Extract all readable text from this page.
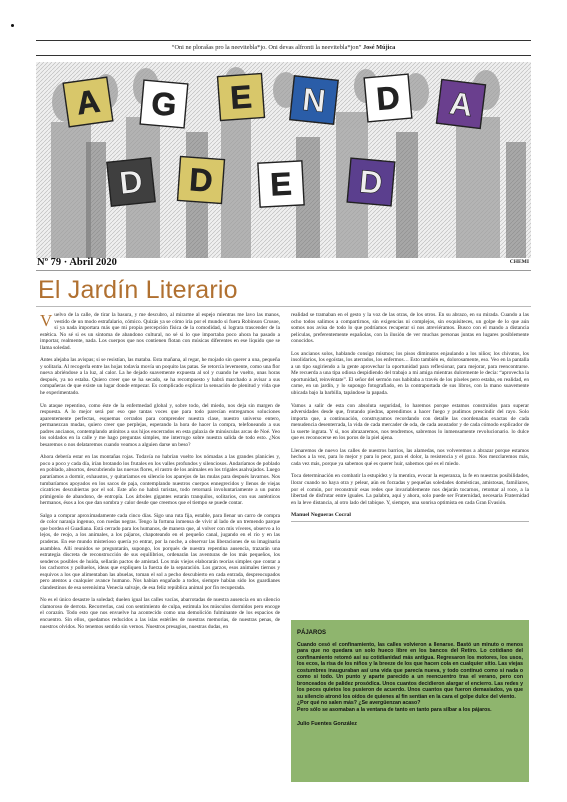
“Oni ne plorašas pro la neevitebla*jo. Oni devas alfronti la neevitebla*jon” José Mújica
A G E N D A
D D E D
Nº 79 · Abril 2020	CHEMI
El Jardín Literario

Vuelvo de la calle, de tirar la basura, y me descubro, al mirarme al espejo mientras me lavo las manos, vestido de un modo estrafalario, cómico. Quizás ya se cómo iría por el mundo si fuera Robinson Crusoe, si ya nada importara más que mi propia percepción física de la comodidad, si lograra trascender de la estética. No sé si es un síntoma de abandono cultural, no sé si lo que importaba poco ahora ha pasado a importar, realmente, nada. Los cuerpos que nos contienen flotan con músicas diferentes en ese líquido que se llama soledad.

Antes alejaba las avispas; si se resistían, las mataba. Esta mañana, al regar, he mojado sin querer a una, pequeña y solitaria. Al recogerla entre las hojas todavía movía un poquito las patas. Se retorcía levemente, como una flor nueva abriéndose a la luz, al calor. La he dejado suavemente expuesta al sol y cuando he vuelto, unas horas después, ya no estaba. Quiero creer que se ha secado, se ha recompuesto y habrá marchado a avisar a sus compañeras de que existe un lugar donde empezar. Es complicado explicar la sensación de plenitud y vida que he experimentado.

Un ataque repentino, como éste de la enfermedad global y, sobre todo, del miedo, nos deja sin margen de respuesta. A lo mejor será por eso que tantas voces que para todo parecían entregarnos soluciones aparentemente perfectas, esquemas cerrados para comprender nuestra clase, nuestro universo entero, permanezcan mudas, quiero creer que perplejas, esperando la hora de hacer la compra, telefoneando a sus padres ancianos, contemplando atónitos a sus hijos encerrados en esta galaxia de minúsculas arcas de Noé. Yeo los soldados en la calle y me hago preguntas simples, me interrogo sobre nuestra salida de todo esto. ¿Nos besaremos o nos delataremos cuando veamos a alguien darse un beso?

Ahora debería estar en las montañas rojas. Todavía no habrían vuelto los nómadas a las grandes planicies y, poco a poco y cada día, irían brotando los frutales en los valles profundos y silenciosos. Andaríamos de poblado en poblado, absortos, descubriendo las nuevas flores, el rastro de los animales en los trigales asalvajados. Luego pararíamos a dormir, exhaustos, y quitaríamos en silencio los aparejos de las mulas para después lavarnos. Nos tumbaríamos apoyados en los sacos de paja, contemplando nuestros cuerpos ennegrecidos y llenos de viejas cicatrices descubiertas por el sol. Este año no habrá turistas, todo retornará involuntariamente a un punto primigenio de abandono, de entropía. Los árboles gigantes estarán tranquilos, solitarios, con sus auténticos hermanos, ésos a los que dan sombra y calor desde que creemos que el tiempo se puede contar.

Salgo a comprar aproximadamente cada cinco días. Sigo una ruta fija, estable, para llenar un carro de compra de color naranja ingenuo, con ruedas negras. Tengo la fortuna inmensa de vivir al lado de un tremendo parque que bordea el Guadiana. Está cerrado para los humanos, de manera que, al volver con mis víveres, observo a lo lejos, de reojo, a los animales, a los pájaros, chapoteando en el pequeño canal, jugando en el río y en las praderas. En ese mundo misterioso quería yo entrar, por la noche, a observar las liberaciones de su imaginaria asamblea. Allí reunidos se preguntarán, supongo, los porqués de nuestra repentina ausencia, trazarán una estrategia discreta de reconstrucción de sus equilibrios, ordenarán las aventuras de los más pequeños, los senderos posibles de huida, sellarán pactos de amistad. Los más viejos elaborarán teorías simples que contar a los cachorros y polluelos, ideas que expliquen la fuerza de la separación. Los garzos, esos animales tiernos y esquivos a los que alimentaban las abuelas, toman el sol a pecho descubierto en cada entrada, despreocupados pero atentos a cualquier avance humano. Nos habían engañado a todos, siempre habían sido los guardianes clandestinos de esa serenísima Venecia salvaje, de esa feliz república animal por fin recuperada.

No es el único desastre la soledad; duelen igual las calles vacías, abarrotadas de nuestra ausencia en un silencio clamoroso de derrota. Recorrerlas, casi con sentimiento de culpa, estimula los músculos dormidos pero encoge el corazón. Todo esto que nos envuelve ha acontecido como una demolición fulminante de los espacios de encuentro. Sin ellos, quedamos reducidos a las islas estériles de nuestras memorias, de nuestras penas, de nuestros olvidos. No tenemos sentido sin vernos. Nuestros presagios, nuestras dudas, en

realidad se tramaban en el gesto y la voz de las otras, de los otros. En su abrazo, en su mirada. Cuando a las ocho todos salimos a compartirnos, sin exigencias ni complejos, sin exquisiteces, un golpe de lo que aún somos nos avisa de todo lo que podríamos recuperar si nos atreviéramos. Busco con el mando a distancia películas, preferentemente españolas, con la ilusión de ver muchas personas juntas en lugares posiblemente conocidos.

Los ancianos solos, hablando consigo mismos; los pisos diminutos enjaulando a los niños; los chivatos, los insolidarios, los egoístas, los aterrados, los enfermos… Esto también es, dolorosamente, eso. Veo en la pantalla a un tipo sugiriendo a la gente aprovechar la oportunidad para reflexionar, para mejorar, para reencontrarse. Me recuerda a una tipa odiosa despidiendo del trabajo a mi amiga mientras dulcemente le decía: “aprovecha la oportunidad, reinvéntate”. El señor del sermón nos habitaba a través de los píxeles pero estaba, en realidad, en carne, en un jardín, y lo supongo fotografiado, en la contraportada de sus libros, con la mano suavemente ubicada bajo la barbilla, tapándose la papada.

Vamos a salir de esta con absoluta seguridad, lo haremos porque estamos construidos para superar adversidades desde que, frotando piedras, aprendimos a hacer fuego y pudimos prescindir del rayo. Solo importa que, a continuación, construyamos recordando con detalle las coordenadas exactas de cada menudencia desenterrada, la vida de cada mercader de oda, de cada asustador y de cada cómodo explicador de la suerte ingrata. Y si, nos abrazaremos, nos tendremos, sabremos lo inmensamente revolucionario. lo dulce que es reconocerse en los poros de la piel ajena.

Llenaremos de nuevo las calles de nuestros barrios, las alamedas, nos volveremos a abrazar porque estamos hechos a la vez, para lo mejor y para lo peor, para el dolor, la resistencia y el gozo. Nos mezclaremos más, cada vez más, porque ya sabemos qué es querer huir, sabemos qué es el miedo.

Toca determinación en combatir la estupidez y la mentira, evocar la esperanza, la fe en nuestras posibilidades, llorar cuando no haya otra y pelear, aún en forzadas y pequeñas soledades domésticas, amistosas, familiares, por el común, por reconstruir esas redes que invariablemente nos dejarán tocarnos, retomar al roce, a la libertad de disfrutar entre iguales. La palabra, aquí y ahora, solo puede ser Fraternidad, necesaria Fraternidad en la leve distancia, al otro lado del tabique. Y, siempre, una sonrisa optimista en cada Gran Evasión.

Manuel Nogueras Cocral
PÁJAROS

Cuando cesó el confinamiento, las calles volvieron a llenarse. Bastó un minuto o menos para que no quedara un solo hueco libre en los bancos del Retiro. Lo cotidiano del confinamiento retomó así su cotidianidad más antigua. Regresaron los motores, los usos, los ecos, la risa de los niños y la breeze de los que hacen cola en cualquier sitio. Las viejas costumbres inauguraban así una vida que parecía nueva, y todo continuó como si nada o como si todo. Un punto y aparte parecido a un reencuentro tras el verano, pero con bronceados de palidez prosódica. Unos cuantos decidieron alargar el encierro. Las redes y los peces quietos los pusieron de acuerdo. Unos cuantos que fueron demasiados, ya que su silencio atronó los oídos de quienes al fin sentían en la cara el golpe dulce del viento.

¿Por qué no salen más? ¿Se avergüenzan acaso?

Pero sólo se asomaban a la ventana de tanto en tanto para silbar a los pájaros.

Julio Fuentes González
